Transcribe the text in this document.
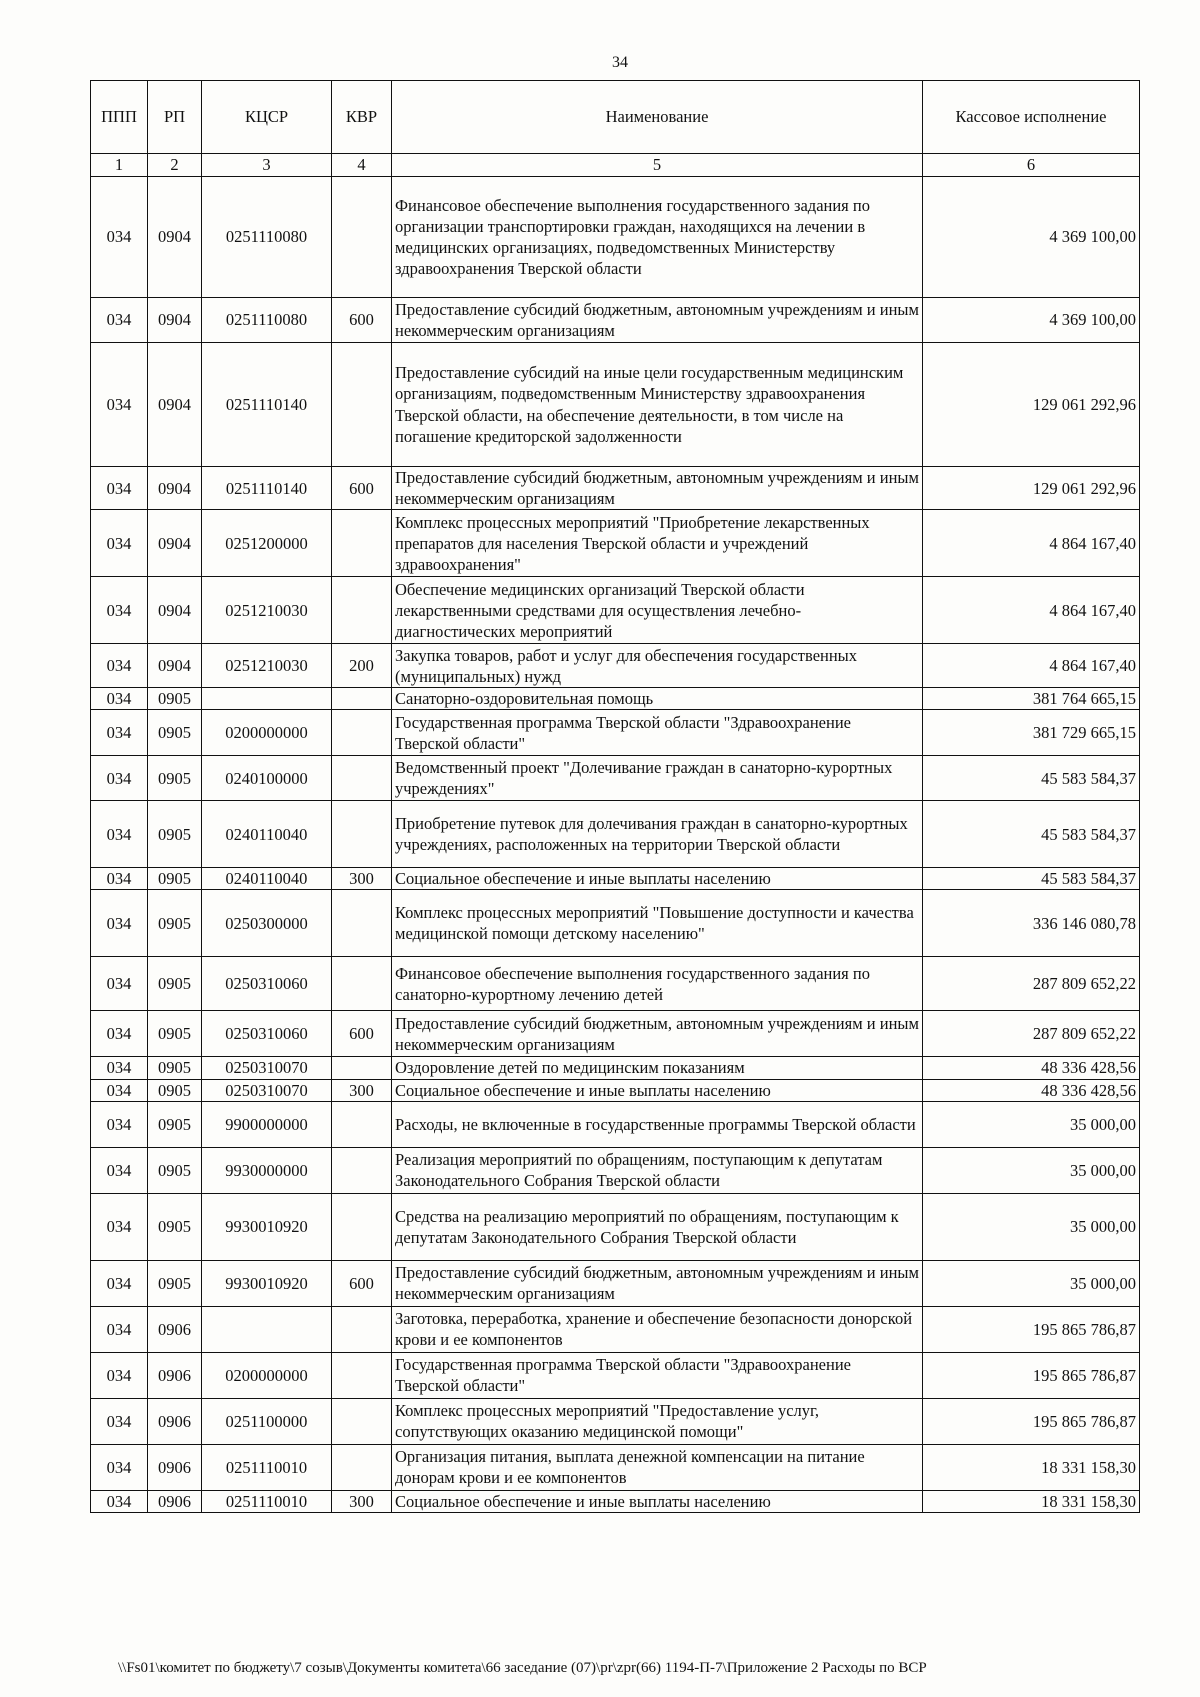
34
ППП	РП	КЦСР	КВР	Наименование	Кассовое исполнение
1	2	3	4	5	6
034	0904	0251110080		Финансовое обеспечение выполнения государственного задания по организации транспортировки граждан, находящихся на лечении в медицинских организациях, подведомственных Министерству здравоохранения Тверской области	4 369 100,00
034	0904	0251110080	600	Предоставление субсидий бюджетным, автономным учреждениям и иным некоммерческим организациям	4 369 100,00
034	0904	0251110140		Предоставление субсидий на иные цели государственным медицинским организациям, подведомственным Министерству здравоохранения Тверской области, на обеспечение деятельности, в том числе на погашение кредиторской задолженности	129 061 292,96
034	0904	0251110140	600	Предоставление субсидий бюджетным, автономным учреждениям и иным некоммерческим организациям	129 061 292,96
034	0904	0251200000		Комплекс процессных мероприятий "Приобретение лекарственных препаратов для населения Тверской области и учреждений здравоохранения"	4 864 167,40
034	0904	0251210030		Обеспечение медицинских организаций Тверской области лекарственными средствами для осуществления лечебно-диагностических мероприятий	4 864 167,40
034	0904	0251210030	200	Закупка товаров, работ и услуг для обеспечения государственных (муниципальных) нужд	4 864 167,40
034	0905			Санаторно-оздоровительная помощь	381 764 665,15
034	0905	0200000000		Государственная программа Тверской области "Здравоохранение Тверской области"	381 729 665,15
034	0905	0240100000		Ведомственный проект "Долечивание граждан в санаторно-курортных учреждениях"	45 583 584,37
034	0905	0240110040		Приобретение путевок для долечивания граждан в санаторно-курортных учреждениях, расположенных на территории Тверской области	45 583 584,37
034	0905	0240110040	300	Социальное обеспечение и иные выплаты населению	45 583 584,37
034	0905	0250300000		Комплекс процессных мероприятий "Повышение доступности и качества медицинской помощи детскому населению"	336 146 080,78
034	0905	0250310060		Финансовое обеспечение выполнения государственного задания по санаторно-курортному лечению детей	287 809 652,22
034	0905	0250310060	600	Предоставление субсидий бюджетным, автономным учреждениям и иным некоммерческим организациям	287 809 652,22
034	0905	0250310070		Оздоровление детей по медицинским показаниям	48 336 428,56
034	0905	0250310070	300	Социальное обеспечение и иные выплаты населению	48 336 428,56
034	0905	9900000000		Расходы, не включенные в государственные программы Тверской области	35 000,00
034	0905	9930000000		Реализация мероприятий по обращениям, поступающим к депутатам Законодательного Собрания Тверской области	35 000,00
034	0905	9930010920		Средства на реализацию мероприятий по обращениям, поступающим к депутатам Законодательного Собрания Тверской области	35 000,00
034	0905	9930010920	600	Предоставление субсидий бюджетным, автономным учреждениям и иным некоммерческим организациям	35 000,00
034	0906			Заготовка, переработка, хранение и обеспечение безопасности донорской крови и ее компонентов	195 865 786,87
034	0906	0200000000		Государственная программа Тверской области "Здравоохранение Тверской области"	195 865 786,87
034	0906	0251100000		Комплекс процессных мероприятий "Предоставление услуг, сопутствующих оказанию медицинской помощи"	195 865 786,87
034	0906	0251110010		Организация питания, выплата денежной компенсации на питание донорам крови и ее компонентов	18 331 158,30
034	0906	0251110010	300	Социальное обеспечение и иные выплаты населению	18 331 158,30
\\Fs01\комитет по бюджету\7 созыв\Документы комитета\66 заседание (07)\pr\zpr(66) 1194-П-7\Приложение 2 Расходы по ВСР
